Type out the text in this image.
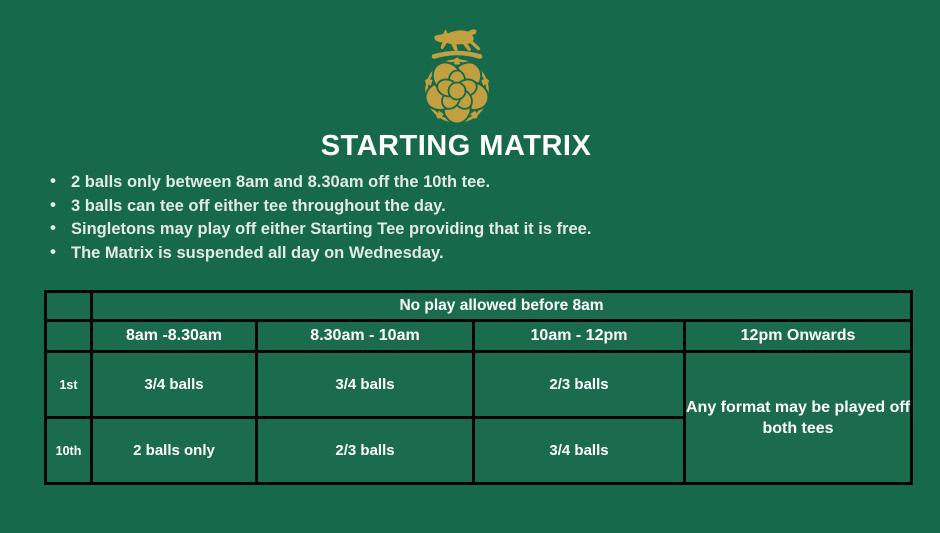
STARTING MATRIX
• 2 balls only between 8am and 8.30am off the 10th tee.
• 3 balls can tee off either tee throughout the day.
• Singletons may play off either Starting Tee providing that it is free.
• The Matrix is suspended all day on Wednesday.
	No play allowed before 8am			
	8am -8.30am	8.30am - 10am	10am - 12pm	12pm Onwards
1st	3/4 balls	3/4 balls	2/3 balls	Any format may be played off both tees
10th	2 balls only	2/3 balls	3/4 balls	
